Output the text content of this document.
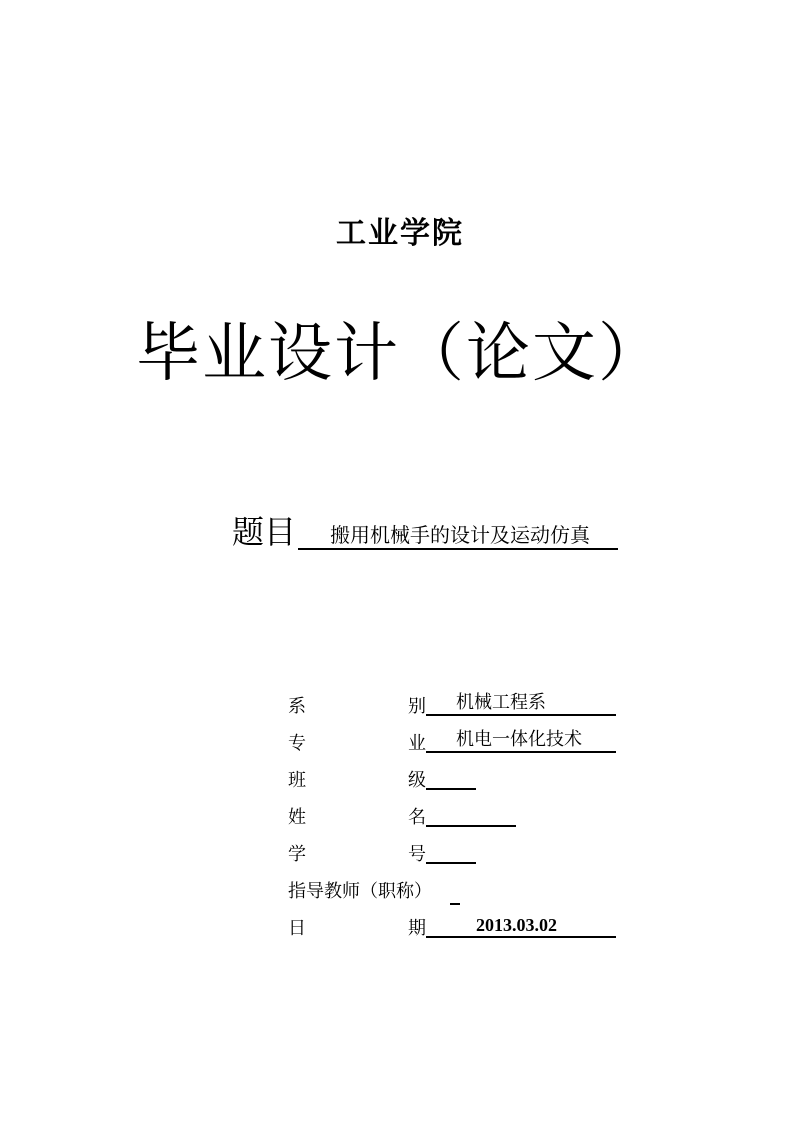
工业学院
毕业设计（论文）
题目	搬用机械手的设计及运动仿真
系	别	机械工程系
专	业	机电一体化技术
班	级
姓	名
学	号
指导教师（职称）
日	期	2013.03.02
